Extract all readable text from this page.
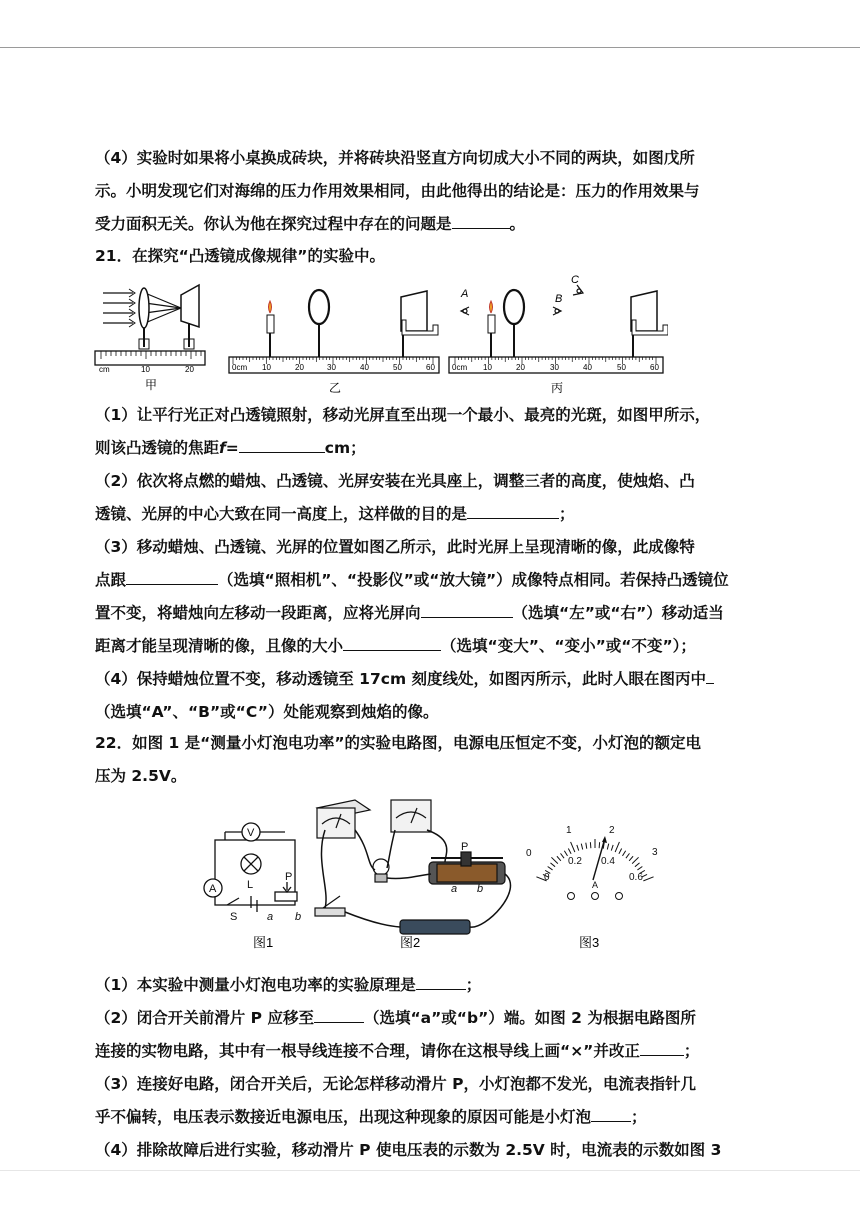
（4）实验时如果将小桌换成砖块，并将砖块沿竖直方向切成大小不同的两块，如图戊所
示。小明发现它们对海绵的压力作用效果相同，由此他得出的结论是：压力的作用效果与
受力面积无关。你认为他在探究过程中存在的问题是	。
21．在探究“凸透镜成像规律”的实验中。
cm	10	20
甲
0cm 10	20	30	40	50	60
乙
A	B
C
0cm 10	20	30	40	50	60
丙
（1）让平行光正对凸透镜照射，移动光屏直至出现一个最小、最亮的光斑，如图甲所示，
则该凸透镜的焦距f=	cm；
（2）依次将点燃的蜡烛、凸透镜、光屏安装在光具座上，调整三者的高度，使烛焰、凸
透镜、光屏的中心大致在同一高度上，这样做的目的是	；
（3）移动蜡烛、凸透镜、光屏的位置如图乙所示，此时光屏上呈现清晰的像，此成像特
点跟	（选填“照相机”、“投影仪”或“放大镜”）成像特点相同。若保持凸透镜位
置不变，将蜡烛向左移动一段距离，应将光屏向	（选填“左”或“右”）移动适当
距离才能呈现清晰的像，且像的大小	（选填“变大”、“变小”或“不变”）；
（4）保持蜡烛位置不变，移动透镜至 17cm 刻度线处，如图丙所示，此时人眼在图丙中
（选填“A”、“B”或“C”）处能观察到烛焰的像。
22．如图 1 是“测量小灯泡电功率”的实验电路图，电源电压恒定不变，小灯泡的额定电
压为 2.5V。
V
A	L
P
S	a b
P
a b
0
1	2
3
0
0.2 0.4
0.6
A
图1	图2	图3
（1）本实验中测量小灯泡电功率的实验原理是	；
（2）闭合开关前滑片 P 应移至	（选填“a”或“b”）端。如图 2 为根据电路图所
连接的实物电路，其中有一根导线连接不合理，请你在这根导线上画“×”并改正	；
（3）连接好电路，闭合开关后，无论怎样移动滑片 P，小灯泡都不发光，电流表指针几
乎不偏转，电压表示数接近电源电压，出现这种现象的原因可能是小灯泡	；
（4）排除故障后进行实验，移动滑片 P 使电压表的示数为 2.5V 时，电流表的示数如图 3
